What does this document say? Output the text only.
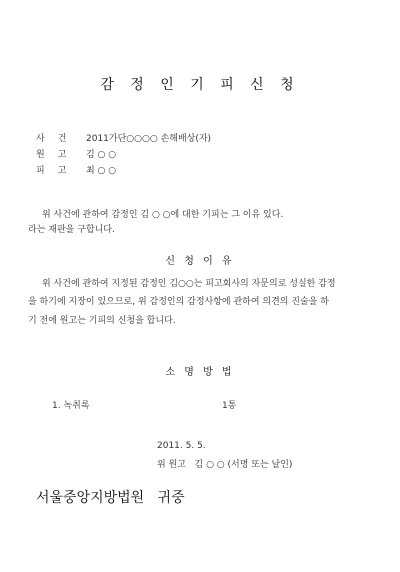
감 정 인 기 피 신 청
사건 2011가단○○○○ 손해배상(자)
원고 김 ○ ○
피고 최 ○ ○
위 사건에 관하여 감정인 김 ○ ○에 대한 기피는 그 이유 있다.
라는 재판을 구합니다.
신 청 이 유
위 사건에 관하여 지정된 감정인 김○○는 피고회사의 자문의로 성실한 감정
을 하기에 지장이 있으므로, 위 감정인의 감정사항에 관하여 의견의 진술을 하
기 전에 원고는 기피의 신청을 합니다.
소 명 방 법
1. 녹취록	1통
2011. 5. 5.
위 원고   김 ○ ○ (서명 또는 날인)
서울중앙지방법원   귀중
